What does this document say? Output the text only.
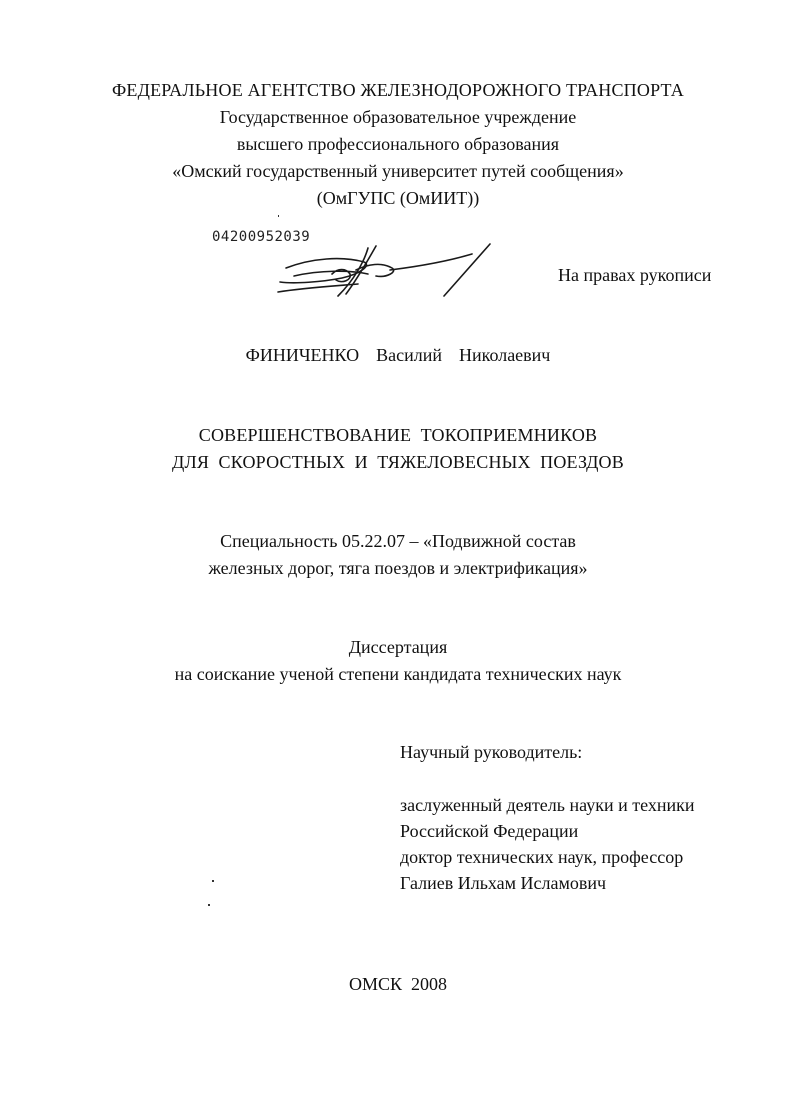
ФЕДЕРАЛЬНОЕ АГЕНТСТВО ЖЕЛЕЗНОДОРОЖНОГО ТРАНСПОРТА
Государственное образовательное учреждение
высшего профессионального образования
«Омский государственный университет путей сообщения»
(ОмГУПС (ОмИИТ))
04200952039
На правах рукописи
ФИНИЧЕНКО Василий Николаевич
СОВЕРШЕНСТВОВАНИЕ  ТОКОПРИЕМНИКОВ
ДЛЯ  СКОРОСТНЫХ  И  ТЯЖЕЛОВЕСНЫХ  ПОЕЗДОВ
Специальность 05.22.07 – «Подвижной состав
железных дорог, тяга поездов и электрификация»
Диссертация
на соискание ученой степени кандидата технических наук
Научный руководитель:
заслуженный деятель науки и техники
Российской Федерации
доктор технических наук, профессор
Галиев Ильхам Исламович
ОМСК  2008
